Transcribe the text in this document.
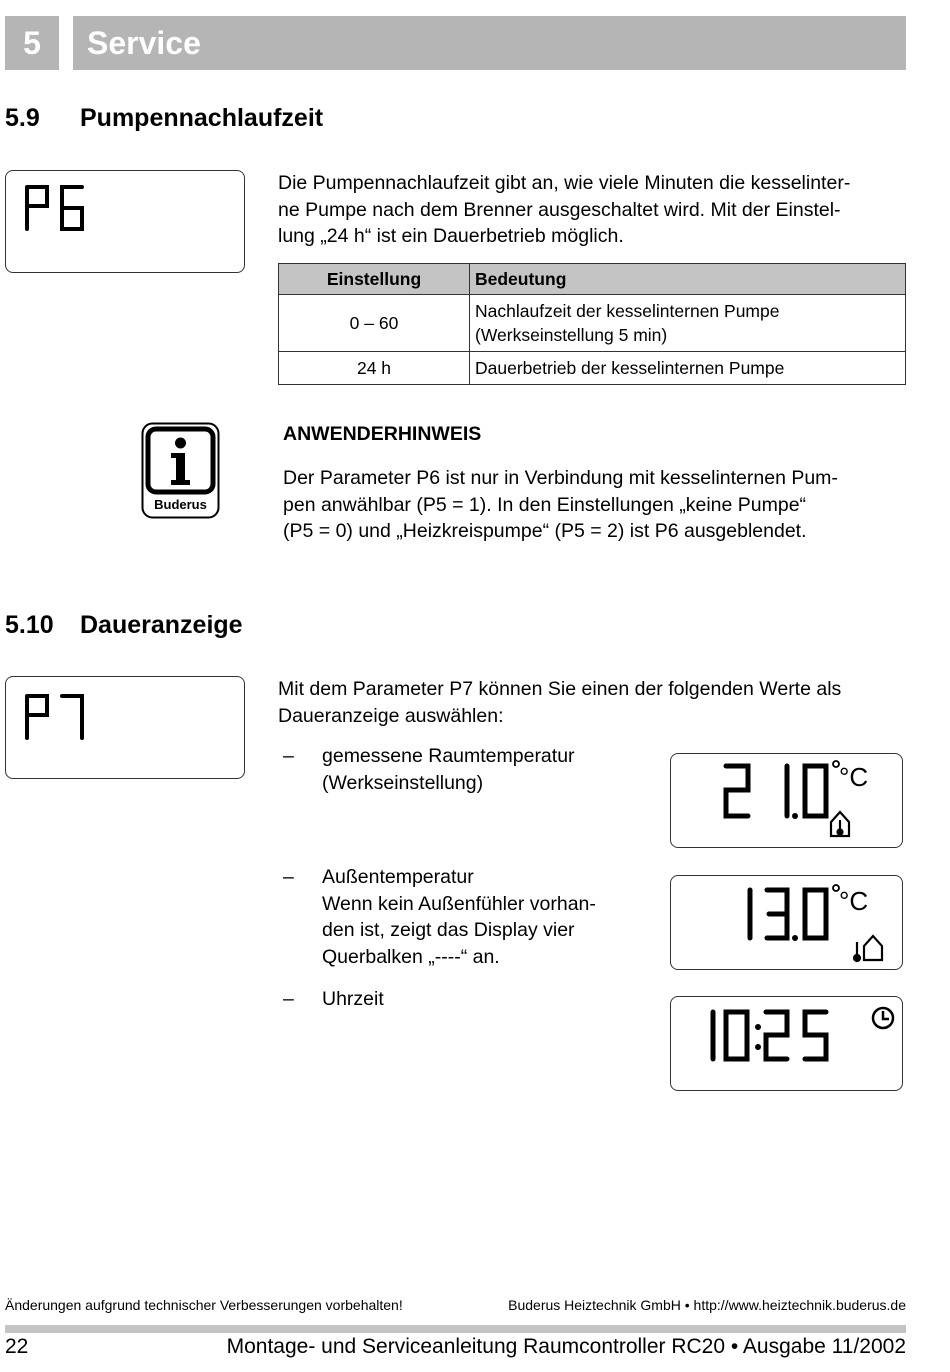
5	Service
5.9 Pumpennachlaufzeit
Die Pumpennachlaufzeit gibt an, wie viele Minuten die kesselinter-
ne Pumpe nach dem Brenner ausgeschaltet wird. Mit der Einstel-
lung „24 h“ ist ein Dauerbetrieb möglich.
Einstellung	Bedeutung
0 – 60	Nachlaufzeit der kesselinternen Pumpe
(Werkseinstellung 5 min)

24 h	Dauerbetrieb der kesselinternen Pumpe
Buderus
ANWENDERHINWEIS
Der Parameter P6 ist nur in Verbindung mit kesselinternen Pum-
pen anwählbar (P5 = 1). In den Einstellungen „keine Pumpe“
(P5 = 0) und „Heizkreispumpe“ (P5 = 2) ist P6 ausgeblendet.
5.10 Daueranzeige
Mit dem Parameter P7 können Sie einen der folgenden Werte als
Daueranzeige auswählen:
– gemessene Raumtemperatur
(Werkseinstellung)
– Außentemperatur
Wenn kein Außenfühler vorhan-
den ist, zeigt das Display vier
Querbalken „----“ an.
– Uhrzeit
°C
°C
Änderungen aufgrund technischer Verbesserungen vorbehalten!	Buderus Heiztechnik GmbH • http://www.heiztechnik.buderus.de
22	Montage- und Serviceanleitung Raumcontroller RC20 • Ausgabe 11/2002
